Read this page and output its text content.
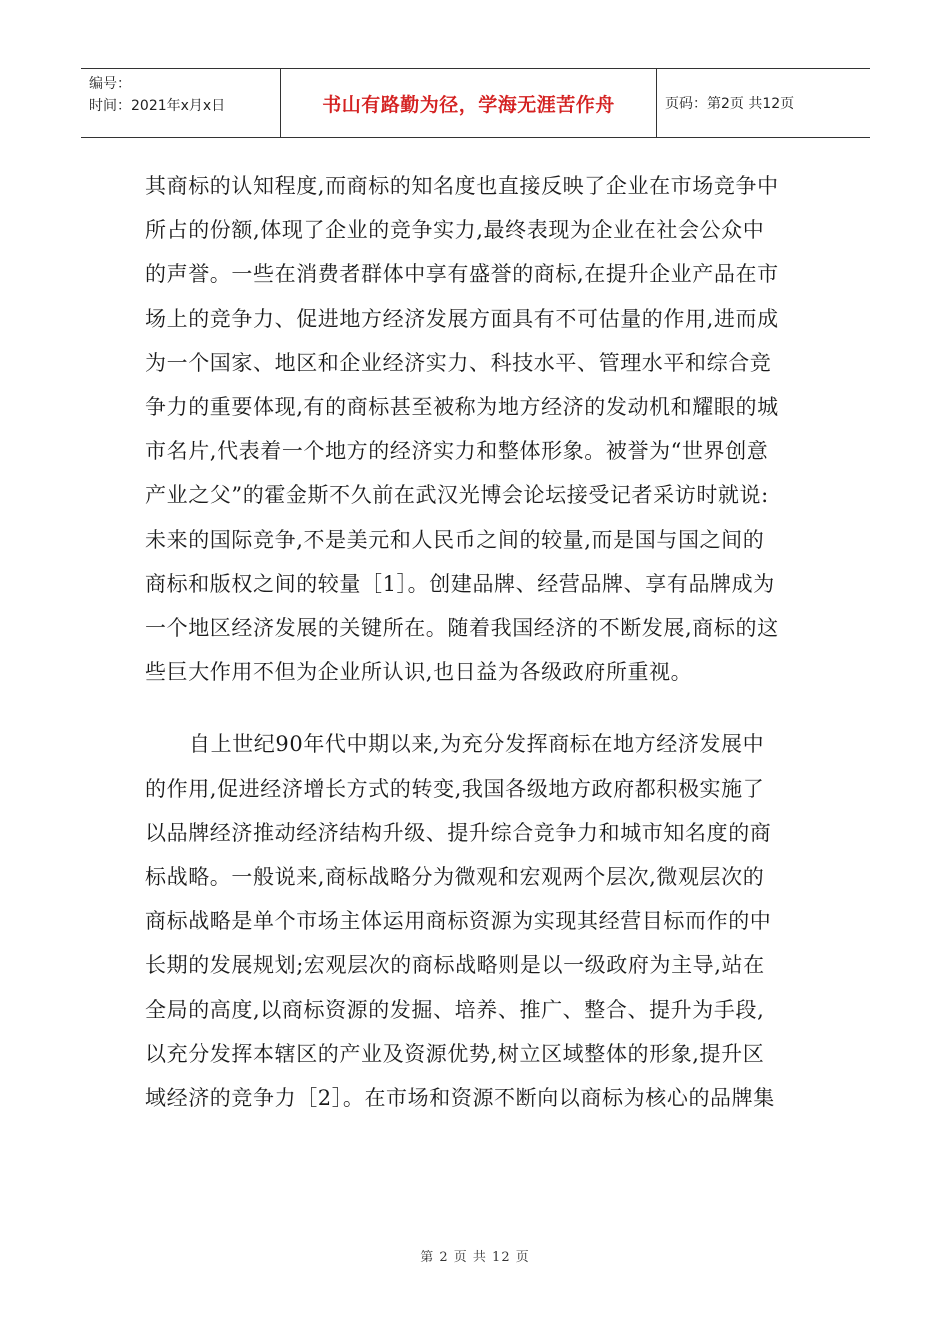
编号：
时间：2021年x月x日	书山有路勤为径，学海无涯苦作舟	页码：第2页 共12页

其商标的认知程度,而商标的知名度也直接反映了企业在市场竞争中
所占的份额,体现了企业的竞争实力,最终表现为企业在社会公众中
的声誉。一些在消费者群体中享有盛誉的商标,在提升企业产品在市
场上的竞争力、促进地方经济发展方面具有不可估量的作用,进而成
为一个国家、地区和企业经济实力、科技水平、管理水平和综合竞
争力的重要体现,有的商标甚至被称为地方经济的发动机和耀眼的城
市名片,代表着一个地方的经济实力和整体形象。被誉为“世界创意
产业之父”的霍金斯不久前在武汉光博会论坛接受记者采访时就说:
未来的国际竞争,不是美元和人民币之间的较量,而是国与国之间的
商标和版权之间的较量［1］。创建品牌、经营品牌、享有品牌成为
一个地区经济发展的关键所在。随着我国经济的不断发展,商标的这
些巨大作用不但为企业所认识,也日益为各级政府所重视。

自上世纪90年代中期以来,为充分发挥商标在地方经济发展中
的作用,促进经济增长方式的转变,我国各级地方政府都积极实施了
以品牌经济推动经济结构升级、提升综合竞争力和城市知名度的商
标战略。一般说来,商标战略分为微观和宏观两个层次,微观层次的
商标战略是单个市场主体运用商标资源为实现其经营目标而作的中
长期的发展规划;宏观层次的商标战略则是以一级政府为主导,站在
全局的高度,以商标资源的发掘、培养、推广、整合、提升为手段,
以充分发挥本辖区的产业及资源优势,树立区域整体的形象,提升区
域经济的竞争力［2］。在市场和资源不断向以商标为核心的品牌集

第 2 页 共 12 页
